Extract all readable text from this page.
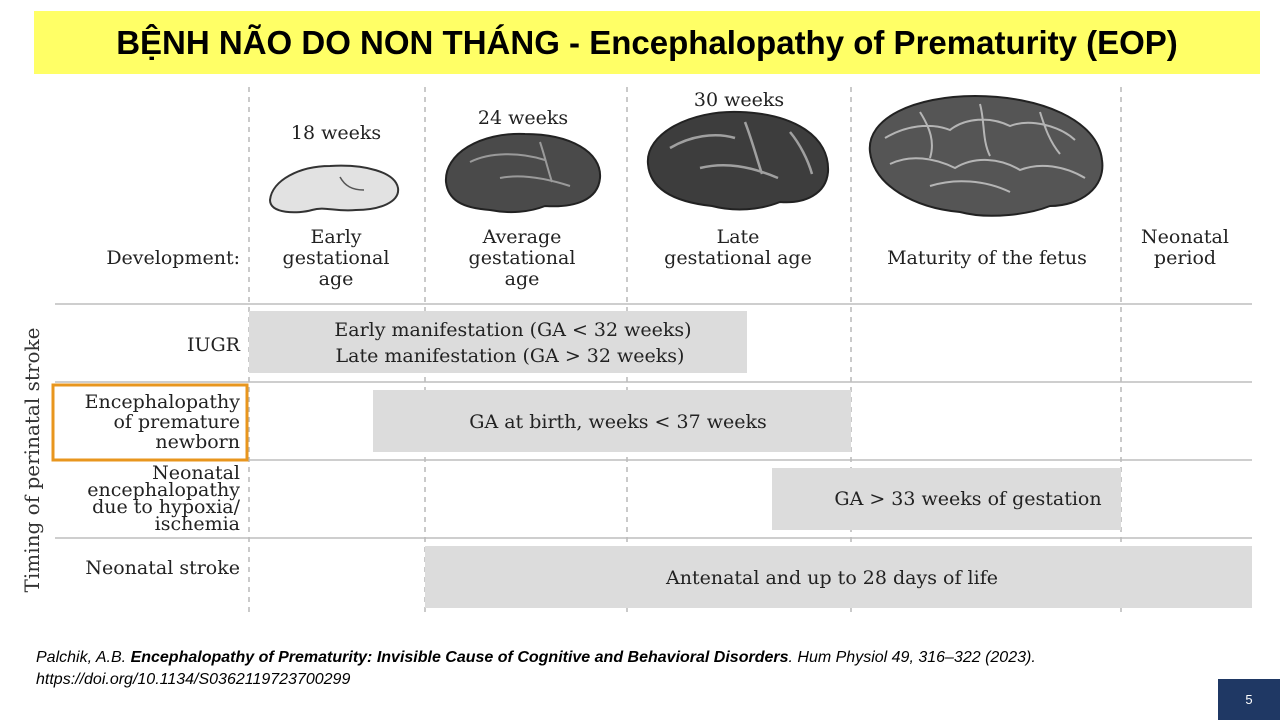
BỆNH NÃO DO NON THÁNG - Encephalopathy of Prematurity (EOP)
18 weeks
24 weeks
30 weeks
Development:
Early
gestational
age
Average
gestational
age
Late
gestational age	Maturity of the fetus
Neonatal
period
Timing of perinatal stroke	Early manifestation (GA < 32 weeks)
Late manifestation (GA > 32 weeks)
GA at birth, weeks < 37 weeks
GA > 33 weeks of gestation
Antenatal and up to 28 days of life
IUGR
Encephalopathy
of premature
newborn
Neonatal
encephalopathy
due to hypoxia/
ischemia
Neonatal stroke
Palchik, A.B. Encephalopathy of Prematurity: Invisible Cause of Cognitive and Behavioral Disorders. Hum Physiol 49, 316–322 (2023).
https://doi.org/10.1134/S0362119723700299
5
